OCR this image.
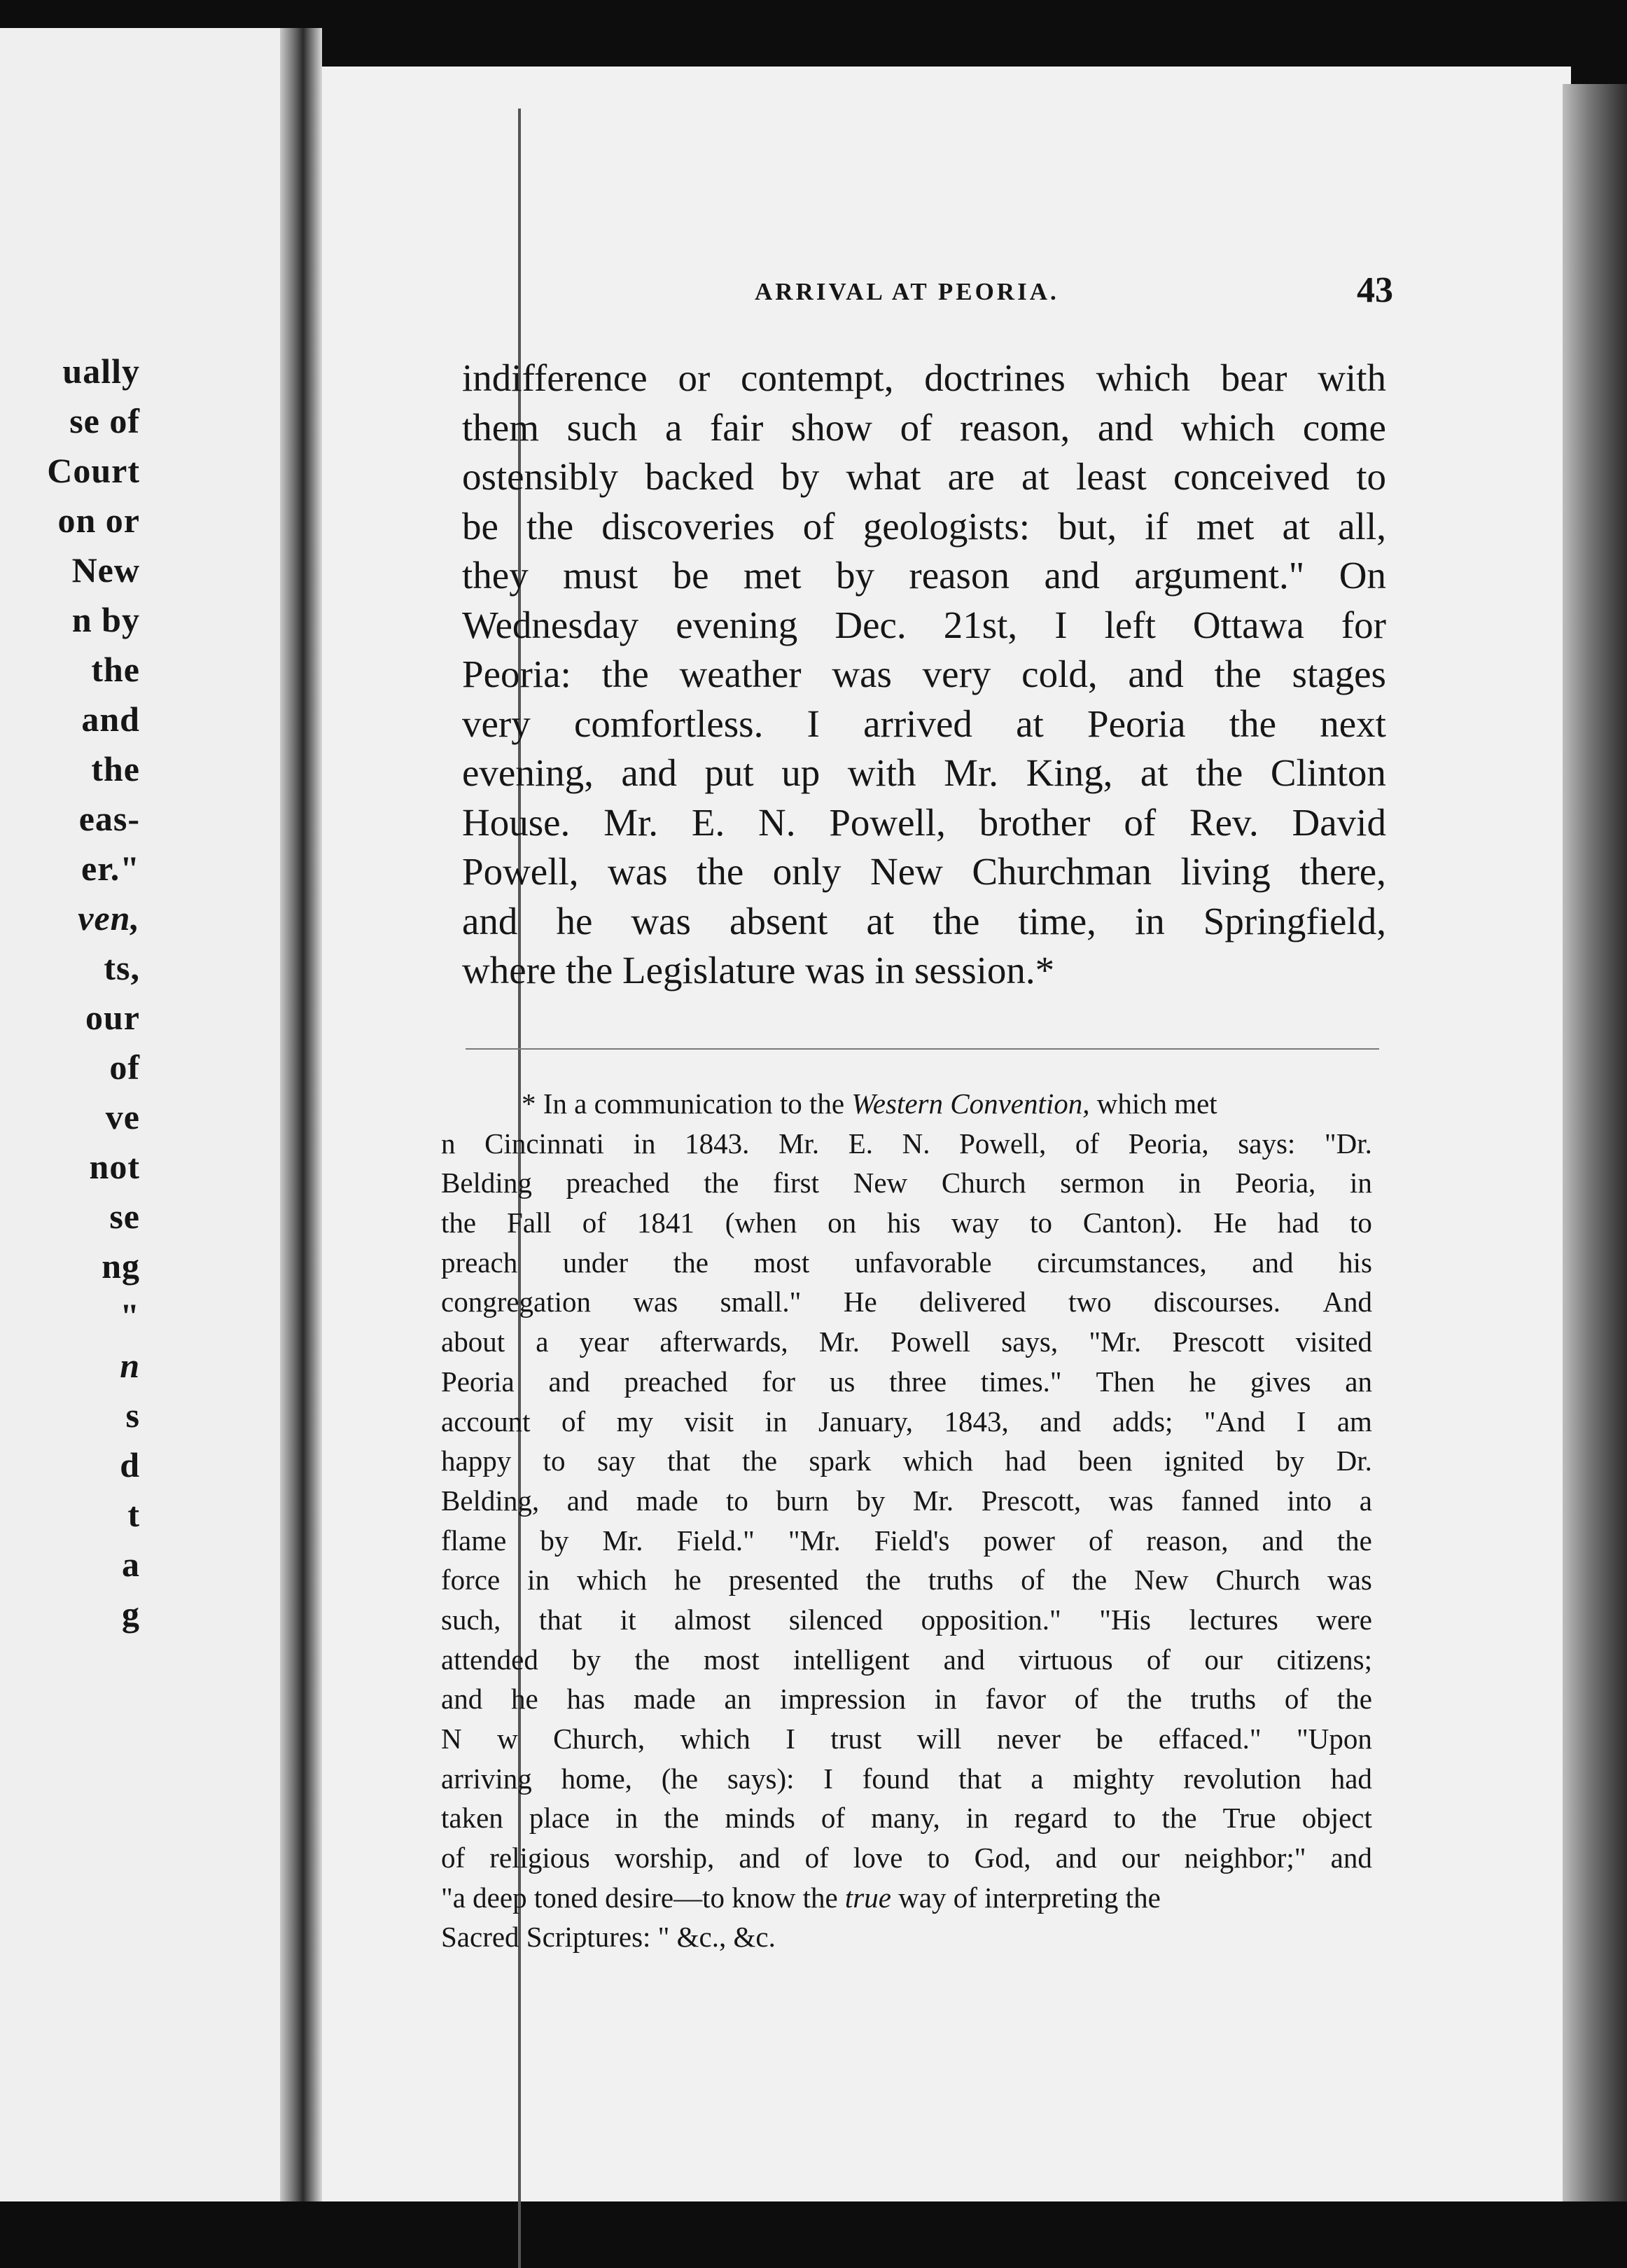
ually
se of
Court
on or
New
n by
the
and
the
eas-
er."
ven,
ts,
our
of
ve
not
se
ng
"
n
s
d
t
a
g
ARRIVAL AT PEORIA.	43
indifference or contempt, doctrines which bear with
them such a fair show of reason, and which come
ostensibly backed by what are at least conceived to
be the discoveries of geologists: but, if met at all,
they must be met by reason and argument." On
Wednesday evening Dec. 21st, I left Ottawa for
Peoria: the weather was very cold, and the stages
very comfortless. I arrived at Peoria the next
evening, and put up with Mr. King, at the Clinton
House. Mr. E. N. Powell, brother of Rev. David
Powell, was the only New Churchman living there,
and he was absent at the time, in Springfield,
where the Legislature was in session.*
* In a communication to the Western Convention, which met
n Cincinnati in 1843. Mr. E. N. Powell, of Peoria, says: "Dr.
Belding preached the first New Church sermon in Peoria, in
the Fall of 1841 (when on his way to Canton). He had to
preach under the most unfavorable circumstances, and his
congregation was small." He delivered two discourses. And
about a year afterwards, Mr. Powell says, "Mr. Prescott visited
Peoria and preached for us three times." Then he gives an
account of my visit in January, 1843, and adds; "And I am
happy to say that the spark which had been ignited by Dr.
Belding, and made to burn by Mr. Prescott, was fanned into a
flame by Mr. Field." "Mr. Field's power of reason, and the
force in which he presented the truths of the New Church was
such, that it almost silenced opposition." "His lectures were
attended by the most intelligent and virtuous of our citizens;
and he has made an impression in favor of the truths of the
N w Church, which I trust will never be effaced." "Upon
arriving home, (he says): I found that a mighty revolution had
taken place in the minds of many, in regard to the True object
of religious worship, and of love to God, and our neighbor;" and
"a deep toned desire—to know the true way of interpreting the
Sacred Scriptures: " &c., &c.
